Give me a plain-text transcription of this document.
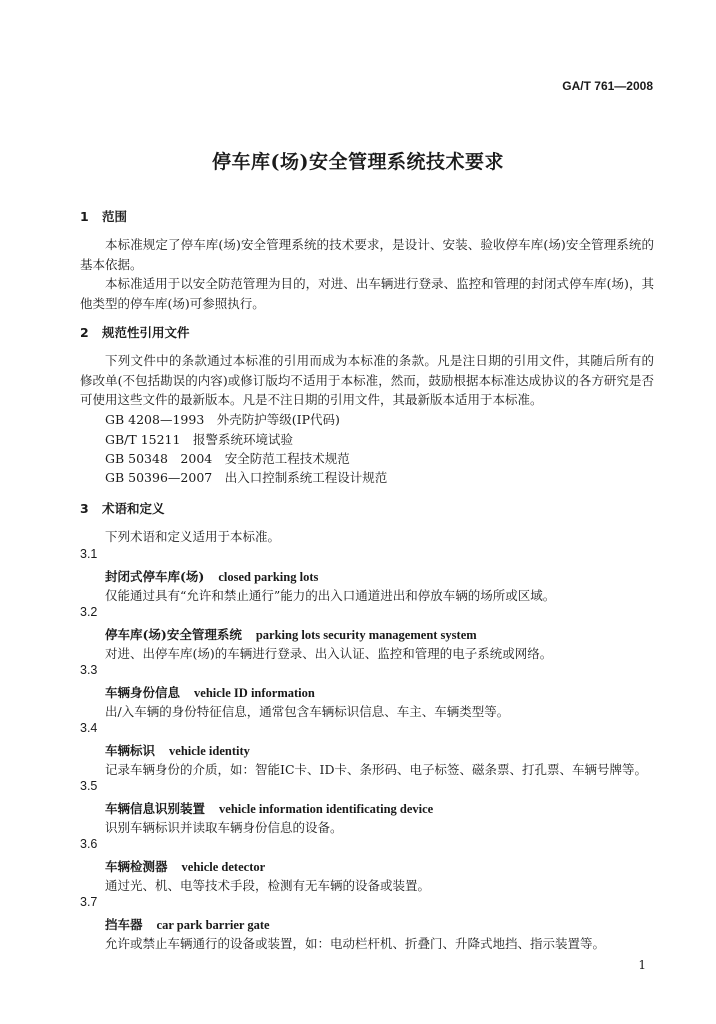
GA/T 761—2008
停车库(场)安全管理系统技术要求
1 范围
本标准规定了停车库(场)安全管理系统的技术要求，是设计、安装、验收停车库(场)安全管理系统的基本依据。
本标准适用于以安全防范管理为目的，对进、出车辆进行登录、监控和管理的封闭式停车库(场)，其他类型的停车库(场)可参照执行。
2 规范性引用文件
下列文件中的条款通过本标准的引用而成为本标准的条款。凡是注日期的引用文件，其随后所有的修改单(不包括勘误的内容)或修订版均不适用于本标准，然而，鼓励根据本标准达成协议的各方研究是否可使用这些文件的最新版本。凡是不注日期的引用文件，其最新版本适用于本标准。
GB 4208—1993　外壳防护等级(IP代码)
GB/T 15211　报警系统环境试验
GB 50348　2004　安全防范工程技术规范
GB 50396—2007　出入口控制系统工程设计规范
3 术语和定义
下列术语和定义适用于本标准。
3.1
封闭式停车库(场) closed parking lots
仅能通过具有“允许和禁止通行”能力的出入口通道进出和停放车辆的场所或区域。
3.2
停车库(场)安全管理系统 parking lots security management system
对进、出停车库(场)的车辆进行登录、出入认证、监控和管理的电子系统或网络。
3.3
车辆身份信息 vehicle ID information
出/入车辆的身份特征信息，通常包含车辆标识信息、车主、车辆类型等。
3.4
车辆标识 vehicle identity
记录车辆身份的介质，如：智能IC卡、ID卡、条形码、电子标签、磁条票、打孔票、车辆号牌等。
3.5
车辆信息识别装置 vehicle information identificating device
识别车辆标识并读取车辆身份信息的设备。
3.6
车辆检测器 vehicle detector
通过光、机、电等技术手段，检测有无车辆的设备或装置。
3.7
挡车器 car park barrier gate
允许或禁止车辆通行的设备或装置，如：电动栏杆机、折叠门、升降式地挡、指示装置等。
1
